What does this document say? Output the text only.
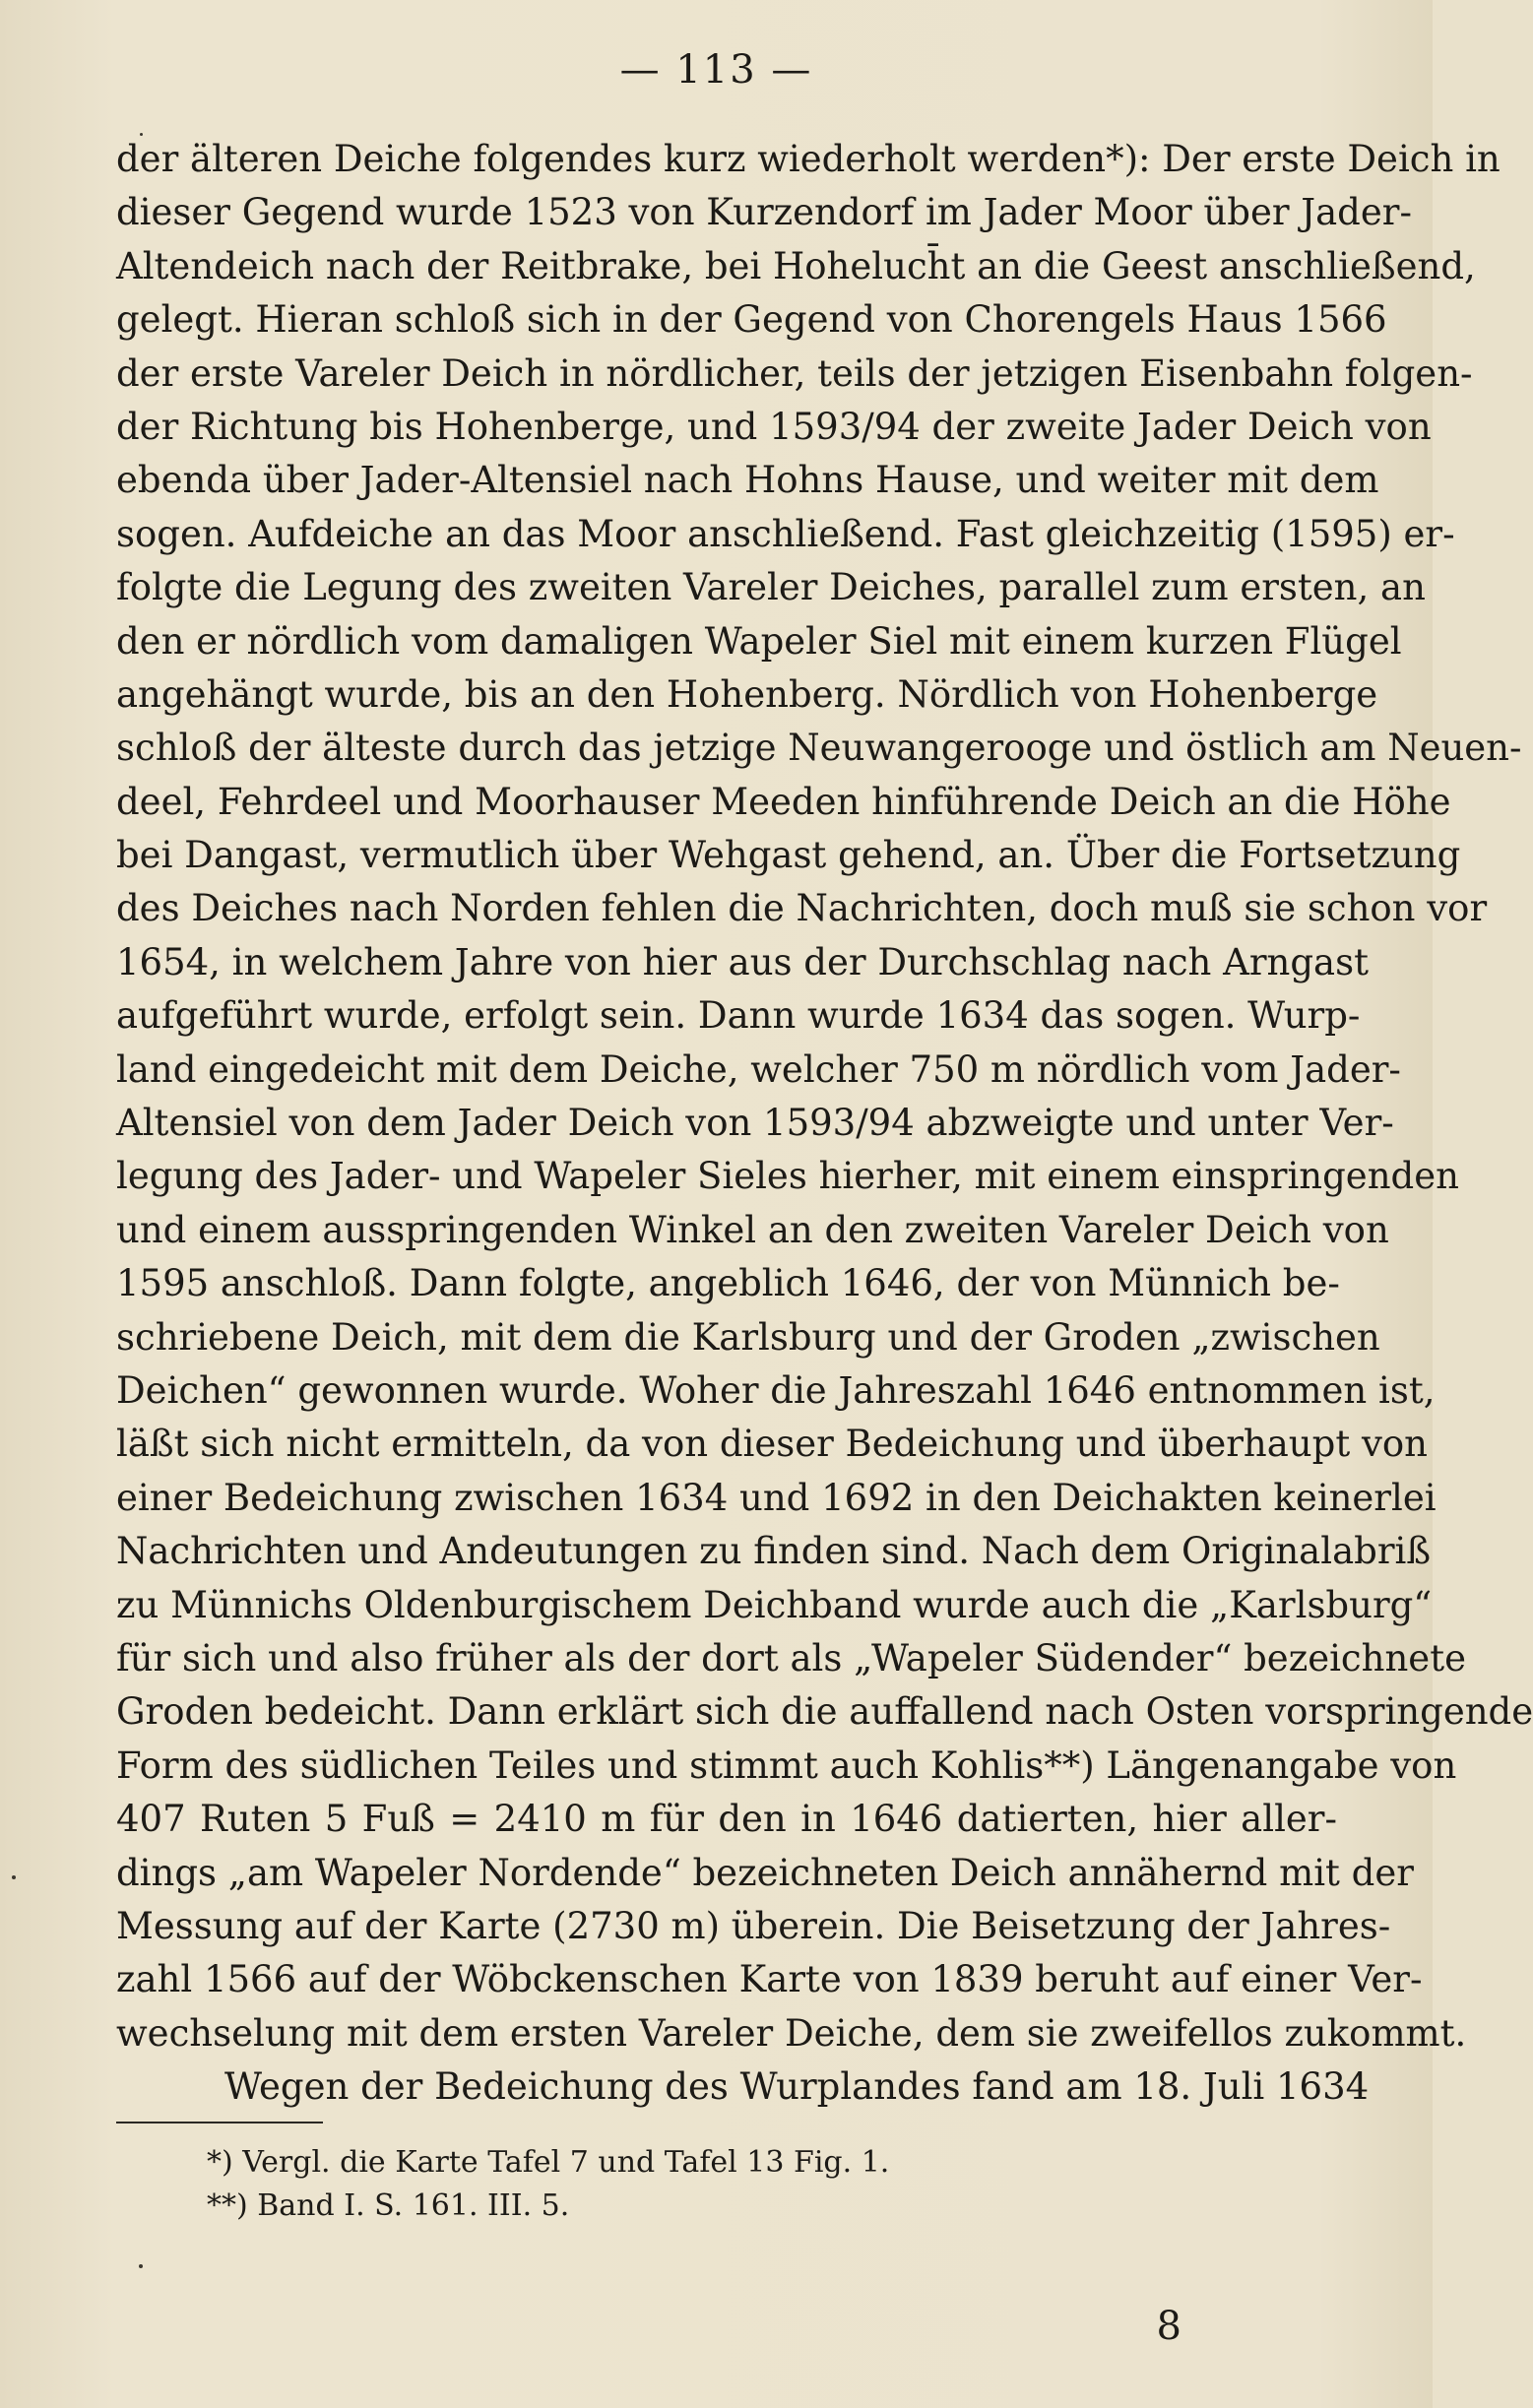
— 113 —
der älteren Deiche folgendes kurz wiederholt werden*): Der erste Deich in
dieser Gegend wurde 1523 von Kurzendorf im Jader Moor über Jader-
Altendeich nach der Reitbrake, bei Hoheluch̄t an die Geest anschließend,
gelegt. Hieran schloß sich in der Gegend von Chorengels Haus 1566
der erste Vareler Deich in nördlicher, teils der jetzigen Eisenbahn folgen-
der Richtung bis Hohenberge, und 1593/94 der zweite Jader Deich von
ebenda über Jader-Altensiel nach Hohns Hause, und weiter mit dem
sogen. Aufdeiche an das Moor anschließend. Fast gleichzeitig (1595) er-
folgte die Legung des zweiten Vareler Deiches, parallel zum ersten, an
den er nördlich vom damaligen Wapeler Siel mit einem kurzen Flügel
angehängt wurde, bis an den Hohenberg. Nördlich von Hohenberge
schloß der älteste durch das jetzige Neuwangerooge und östlich am Neuen-
deel, Fehrdeel und Moorhauser Meeden hinführende Deich an die Höhe
bei Dangast, vermutlich über Wehgast gehend, an. Über die Fortsetzung
des Deiches nach Norden fehlen die Nachrichten, doch muß sie schon vor
1654, in welchem Jahre von hier aus der Durchschlag nach Arngast
aufgeführt wurde, erfolgt sein. Dann wurde 1634 das sogen. Wurp-
land eingedeicht mit dem Deiche, welcher 750 m nördlich vom Jader-
Altensiel von dem Jader Deich von 1593/94 abzweigte und unter Ver-
legung des Jader- und Wapeler Sieles hierher, mit einem einspringenden
und einem ausspringenden Winkel an den zweiten Vareler Deich von
1595 anschloß. Dann folgte, angeblich 1646, der von Münnich be-
schriebene Deich, mit dem die Karlsburg und der Groden „zwischen
Deichen“ gewonnen wurde. Woher die Jahreszahl 1646 entnommen ist,
läßt sich nicht ermitteln, da von dieser Bedeichung und überhaupt von
einer Bedeichung zwischen 1634 und 1692 in den Deichakten keinerlei
Nachrichten und Andeutungen zu finden sind. Nach dem Originalabriß
zu Münnichs Oldenburgischem Deichband wurde auch die „Karlsburg“
für sich und also früher als der dort als „Wapeler Südender“ bezeichnete
Groden bedeicht. Dann erklärt sich die auffallend nach Osten vorspringende
Form des südlichen Teiles und stimmt auch Kohlis**) Längenangabe von
407 Ruten 5 Fuß = 2410 m für den in 1646 datierten, hier aller-
dings „am Wapeler Nordende“ bezeichneten Deich annähernd mit der
Messung auf der Karte (2730 m) überein. Die Beisetzung der Jahres-
zahl 1566 auf der Wöbckenschen Karte von 1839 beruht auf einer Ver-
wechselung mit dem ersten Vareler Deiche, dem sie zweifellos zukommt.
Wegen der Bedeichung des Wurplandes fand am 18. Juli 1634
*) Vergl. die Karte Tafel 7 und Tafel 13 Fig. 1.
**) Band I. S. 161. III. 5.
8
